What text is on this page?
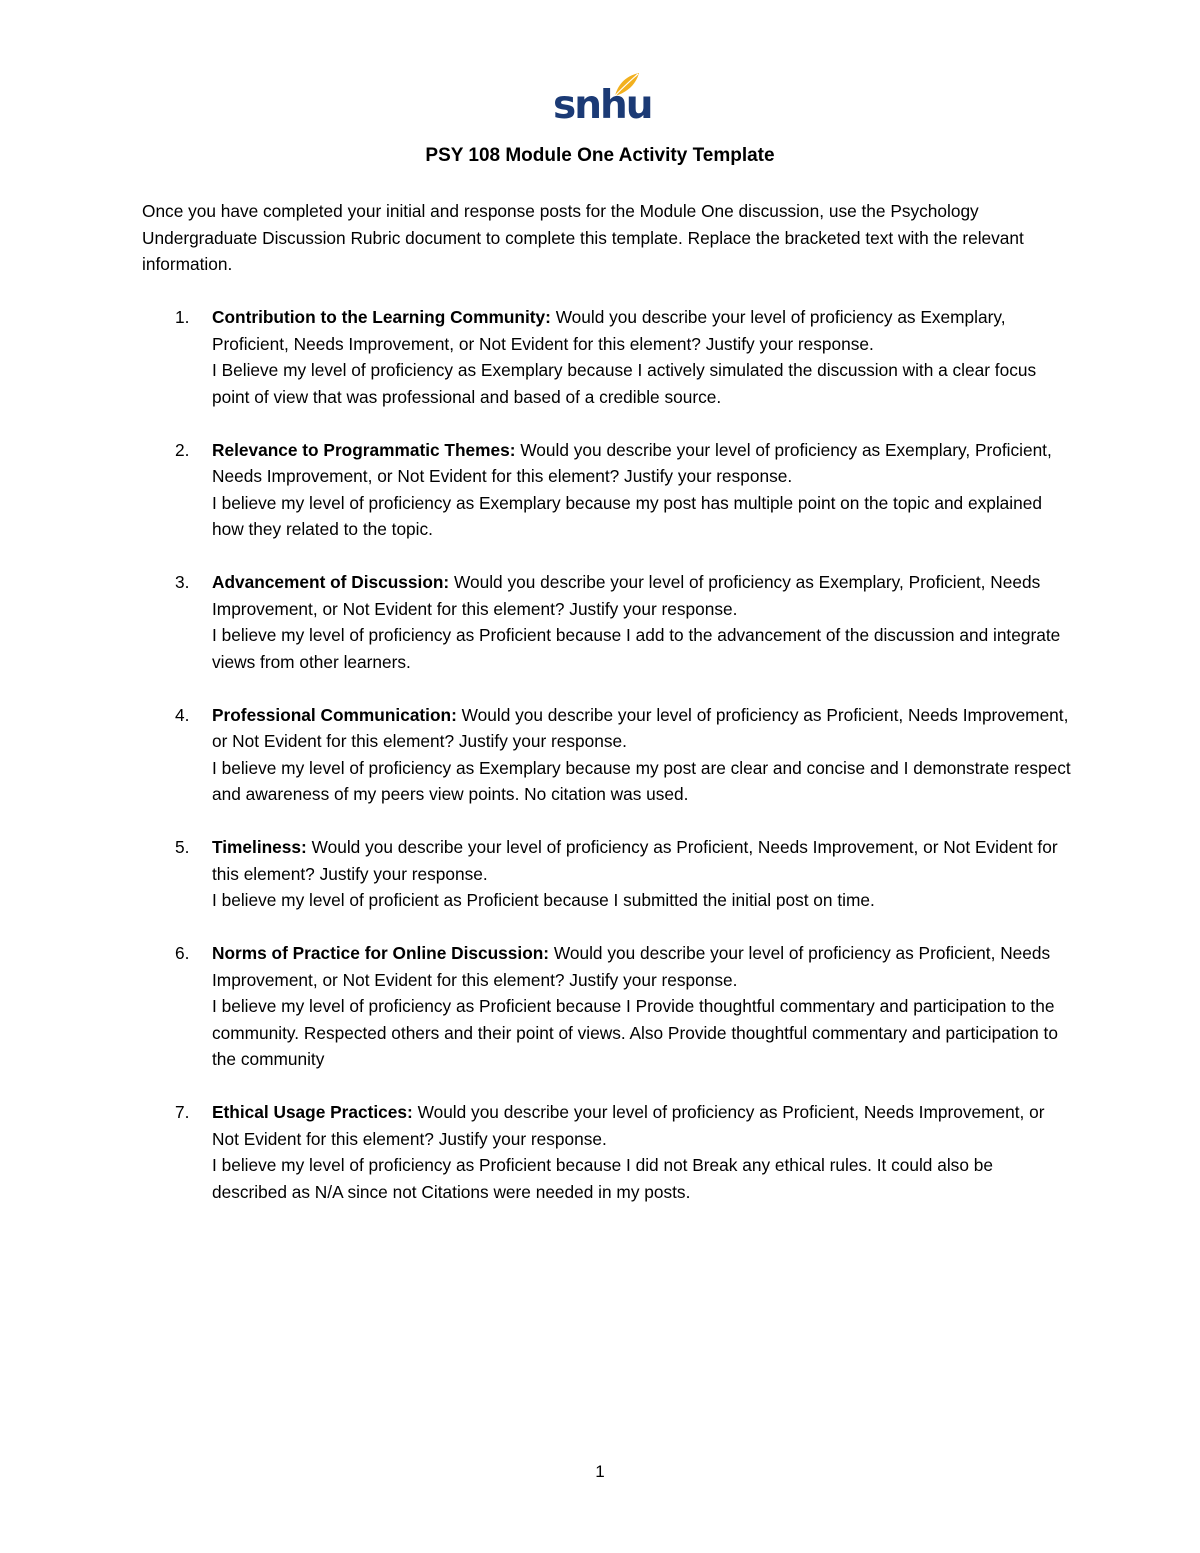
snhu
PSY 108 Module One Activity Template
Once you have completed your initial and response posts for the Module One discussion, use the Psychology Undergraduate Discussion Rubric document to complete this template. Replace the bracketed text with the relevant information.
1. Contribution to the Learning Community: Would you describe your level of proficiency as Exemplary, Proficient, Needs Improvement, or Not Evident for this element? Justify your response.
I Believe my level of proficiency as Exemplary because I actively simulated the discussion with a clear focus point of view that was professional and based of a credible source.
2. Relevance to Programmatic Themes: Would you describe your level of proficiency as Exemplary, Proficient, Needs Improvement, or Not Evident for this element? Justify your response.
I believe my level of proficiency as Exemplary because my post has multiple point on the topic and explained how they related to the topic.
3. Advancement of Discussion: Would you describe your level of proficiency as Exemplary, Proficient, Needs Improvement, or Not Evident for this element? Justify your response.
I believe my level of proficiency as Proficient because I add to the advancement of the discussion and integrate views from other learners.
4. Professional Communication: Would you describe your level of proficiency as Proficient, Needs Improvement, or Not Evident for this element? Justify your response.
I believe my level of proficiency as Exemplary because my post are clear and concise and I demonstrate respect and awareness of my peers view points. No citation was used.
5. Timeliness: Would you describe your level of proficiency as Proficient, Needs Improvement, or Not Evident for this element? Justify your response.
I believe my level of proficient as Proficient because I submitted the initial post on time.
6. Norms of Practice for Online Discussion: Would you describe your level of proficiency as Proficient, Needs Improvement, or Not Evident for this element? Justify your response.
I believe my level of proficiency as Proficient because I Provide thoughtful commentary and participation to the community. Respected others and their point of views. Also Provide thoughtful commentary and participation to the community
7. Ethical Usage Practices: Would you describe your level of proficiency as Proficient, Needs Improvement, or Not Evident for this element? Justify your response.
I believe my level of proficiency as Proficient because I did not Break any ethical rules. It could also be described as N/A since not Citations were needed in my posts.
1
